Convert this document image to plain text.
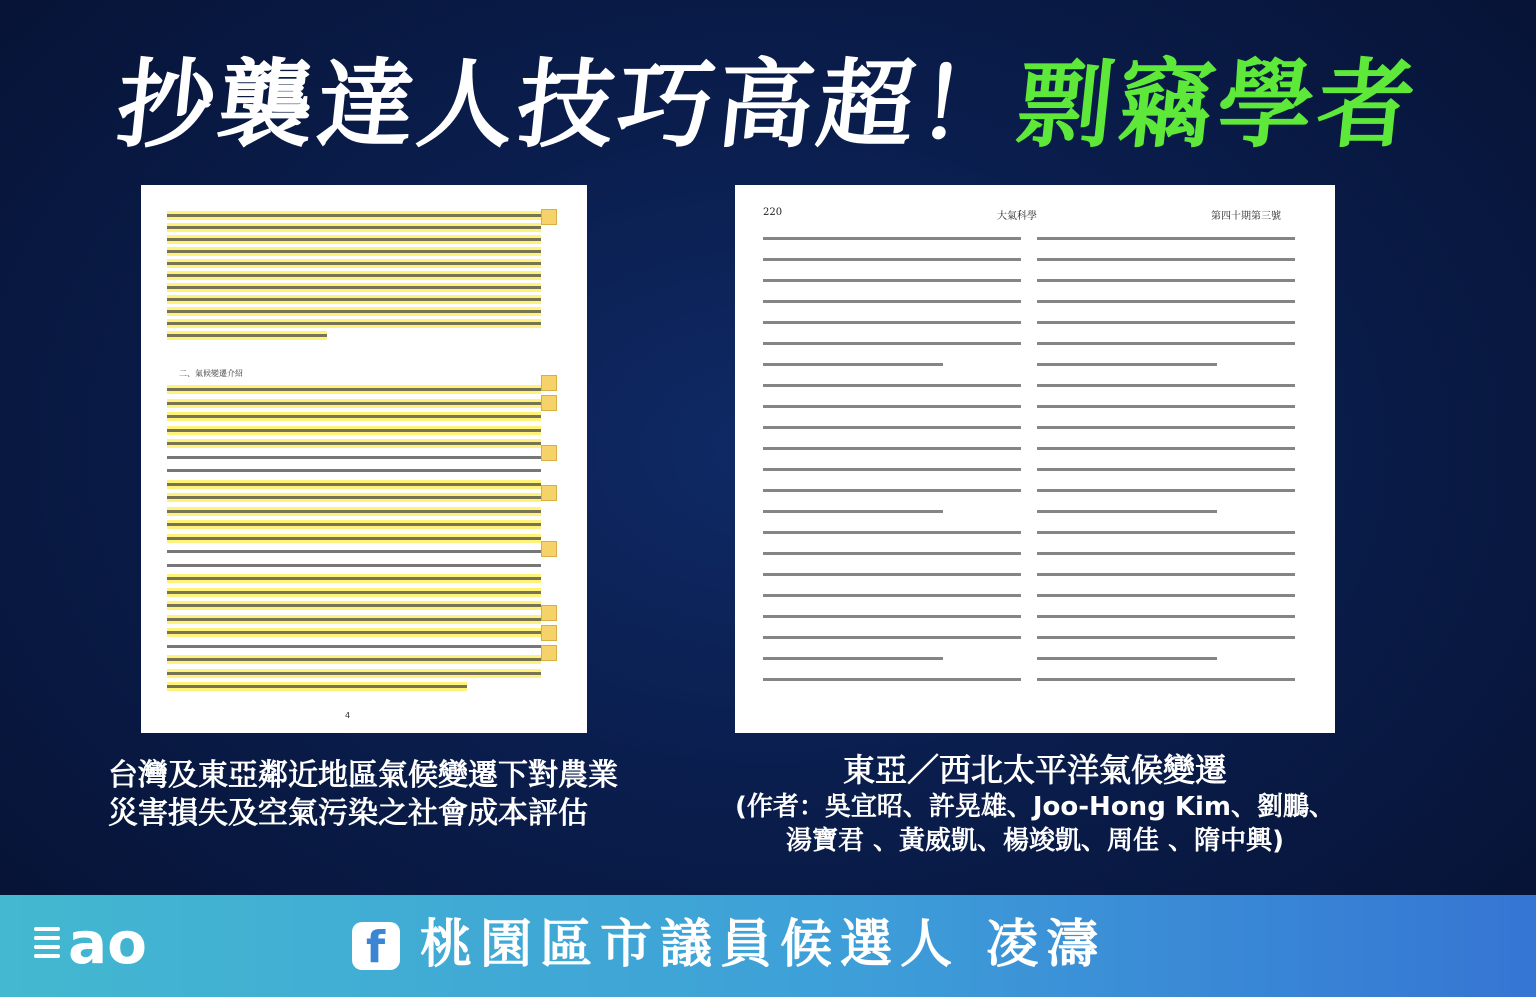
抄襲達人技巧高超！剽竊學者
二、氣候變遷介紹
4
220	大氣科學	第四十期第三號
台灣及東亞鄰近地區氣候變遷下對農業
災害損失及空氣污染之社會成本評估
東亞／西北太平洋氣候變遷
(作者：吳宜昭、許晃雄、Joo-Hong Kim、劉鵬、
湯寶君 、黃威凱、楊竣凱、周佳 、隋中興)
ao	f 桃園區市議員候選人 凌濤
